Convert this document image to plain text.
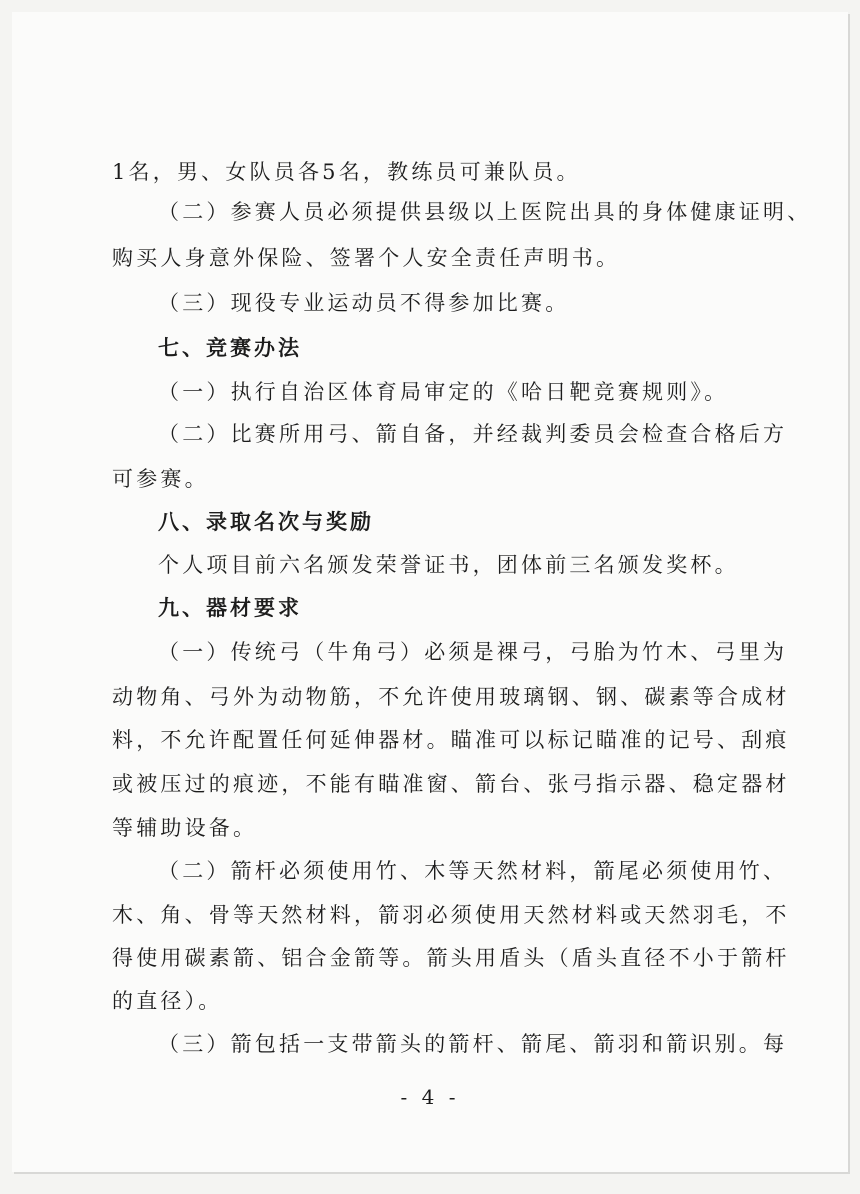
1名，男、女队员各5名，教练员可兼队员。
（二）参赛人员必须提供县级以上医院出具的身体健康证明、
购买人身意外保险、签署个人安全责任声明书。
（三）现役专业运动员不得参加比赛。
七、竞赛办法
（一）执行自治区体育局审定的《哈日靶竞赛规则》。
（二）比赛所用弓、箭自备，并经裁判委员会检查合格后方
可参赛。
八、录取名次与奖励
个人项目前六名颁发荣誉证书，团体前三名颁发奖杯。
九、器材要求
（一）传统弓（牛角弓）必须是裸弓，弓胎为竹木、弓里为
动物角、弓外为动物筋，不允许使用玻璃钢、钢、碳素等合成材
料，不允许配置任何延伸器材。瞄准可以标记瞄准的记号、刮痕
或被压过的痕迹，不能有瞄准窗、箭台、张弓指示器、稳定器材
等辅助设备。
（二）箭杆必须使用竹、木等天然材料，箭尾必须使用竹、
木、角、骨等天然材料，箭羽必须使用天然材料或天然羽毛，不
得使用碳素箭、铝合金箭等。箭头用盾头（盾头直径不小于箭杆
的直径）。
（三）箭包括一支带箭头的箭杆、箭尾、箭羽和箭识别。每
- 4 -
